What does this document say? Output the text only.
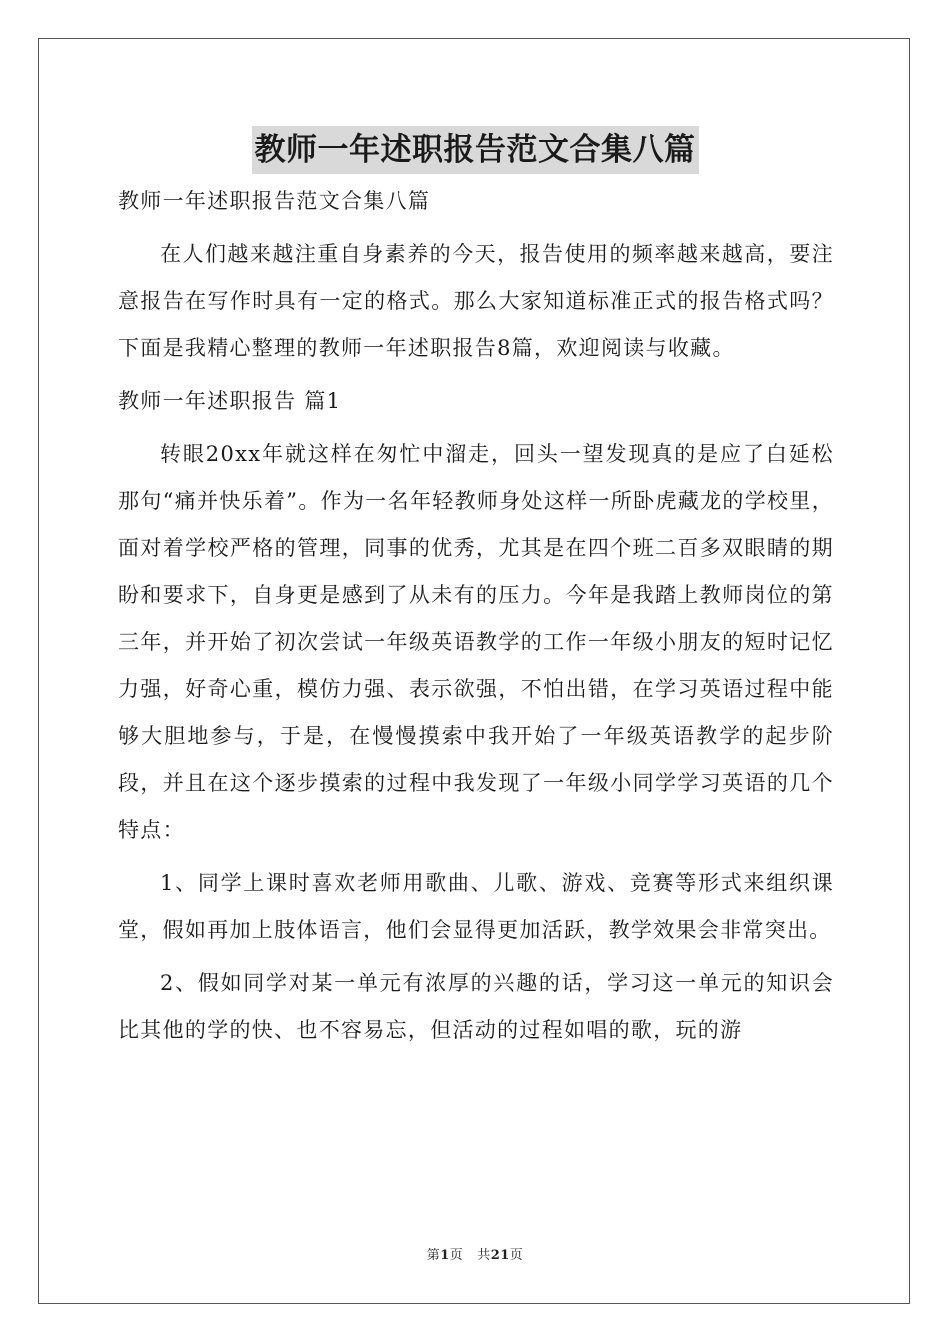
教师一年述职报告范文合集八篇

教师一年述职报告范文合集八篇

在人们越来越注重自身素养的今天，报告使用的频率越来越高，要注意报告在写作时具有一定的格式。那么大家知道标准正式的报告格式吗？下面是我精心整理的教师一年述职报告8篇，欢迎阅读与收藏。

教师一年述职报告 篇1

转眼20xx年就这样在匆忙中溜走，回头一望发现真的是应了白延松那句“痛并快乐着”。作为一名年轻教师身处这样一所卧虎藏龙的学校里，面对着学校严格的管理，同事的优秀，尤其是在四个班二百多双眼睛的期盼和要求下，自身更是感到了从未有的压力。今年是我踏上教师岗位的第三年，并开始了初次尝试一年级英语教学的工作一年级小朋友的短时记忆力强，好奇心重，模仿力强、表示欲强，不怕出错，在学习英语过程中能够大胆地参与，于是，在慢慢摸索中我开始了一年级英语教学的起步阶段，并且在这个逐步摸索的过程中我发现了一年级小同学学习英语的几个特点：

1、同学上课时喜欢老师用歌曲、儿歌、游戏、竞赛等形式来组织课堂，假如再加上肢体语言，他们会显得更加活跃，教学效果会非常突出。

2、假如同学对某一单元有浓厚的兴趣的话，学习这一单元的知识会比其他的学的快、也不容易忘，但活动的过程如唱的歌，玩的游

第1页 共21页
